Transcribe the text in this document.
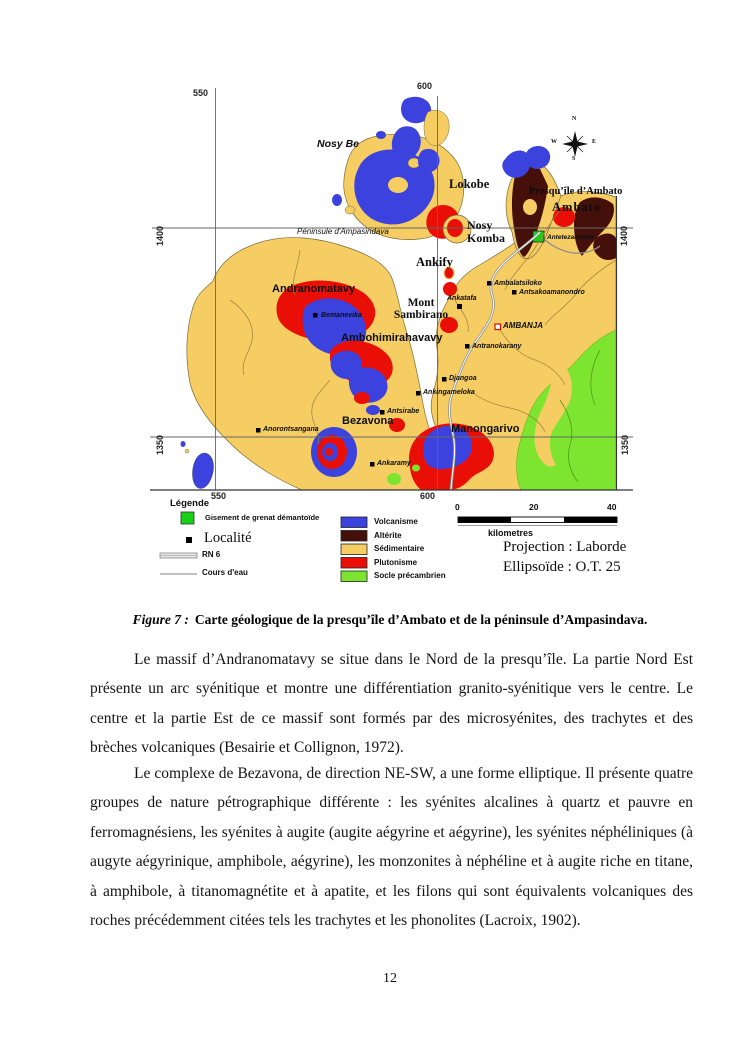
550
600
550	600
1400
1350
1400
1350
N
W	E
S
Nosy Be
Lokobe
Presqu’île d’Ambato
Ambato
Nosy Komba
Ankify
Péninsule d'Ampasindava
Andranomatavy
Mont Sambirano
Ambohimirahavavy
Bezavona
Manongarivo
Antetezambato
Bemanevika
Ankatafa
AMBANJA
Ambalatsiloko
Antsakoamanondro
Antranokarany
Djangoa
Ankingameloka
Antsirabe
Anorontsangana
Ankaramy
Légende
Gisement de grenat démantoïde
Localité
RN 6
Cours d'eau
Volcanisme
Altérite
Sédimentaire
Plutonisme
Socle précambrien
0	20	40
kilometres
Projection : Laborde
Ellipsoïde : O.T. 25
Figure 7 : Carte géologique de la presqu’île d’Ambato et de la péninsule d’Ampasindava.
Le massif d’Andranomatavy se situe dans le Nord de la presqu’île. La partie Nord Est présente un arc syénitique et montre une différentiation granito-syénitique vers le centre. Le centre et la partie Est de ce massif sont formés par des microsyénites, des trachytes et des brèches volcaniques (Besairie et Collignon, 1972).
Le complexe de Bezavona, de direction NE-SW, a une forme elliptique. Il présente quatre groupes de nature pétrographique différente : les syénites alcalines à quartz et pauvre en ferromagnésiens, les syénites à augite (augite aégyrine et aégyrine), les syénites néphéliniques (à augyte aégyrinique, amphibole, aégyrine), les monzonites à néphéline et à augite riche en titane, à amphibole, à titanomagnétite et à apatite, et les filons qui sont équivalents volcaniques des roches précédemment citées tels les trachytes et les phonolites (Lacroix, 1902).
12
